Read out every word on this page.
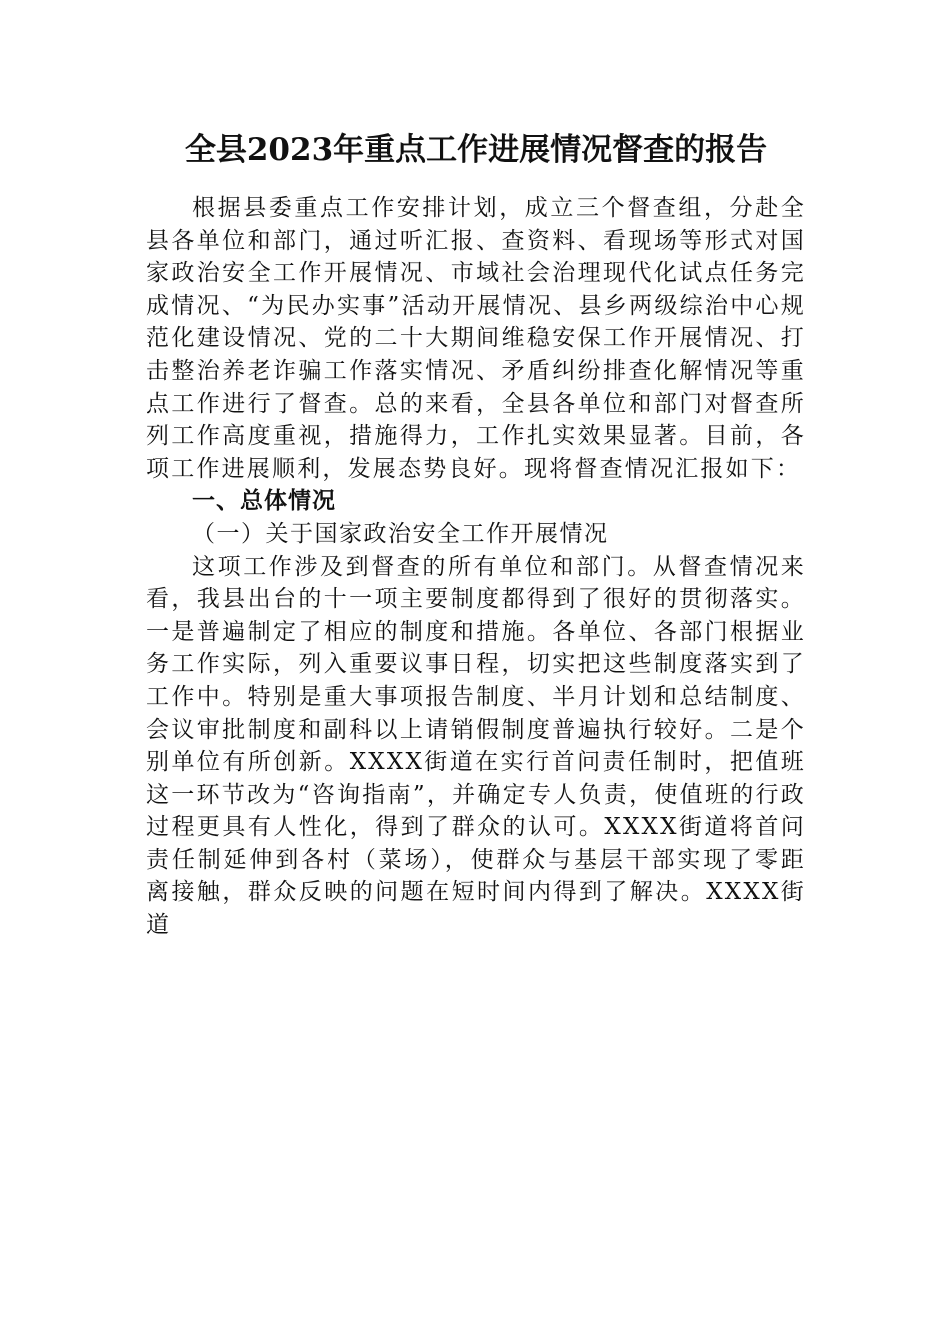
全县2023年重点工作进展情况督查的报告

根据县委重点工作安排计划，成立三个督查组，分赴全县各单位和部门，通过听汇报、查资料、看现场等形式对国家政治安全工作开展情况、市域社会治理现代化试点任务完成情况、“为民办实事”活动开展情况、县乡两级综治中心规范化建设情况、党的二十大期间维稳安保工作开展情况、打击整治养老诈骗工作落实情况、矛盾纠纷排查化解情况等重点工作进行了督查。总的来看，全县各单位和部门对督查所列工作高度重视，措施得力，工作扎实效果显著。目前，各项工作进展顺利，发展态势良好。现将督查情况汇报如下：

一、总体情况

（一）关于国家政治安全工作开展情况

这项工作涉及到督查的所有单位和部门。从督查情况来看，我县出台的十一项主要制度都得到了很好的贯彻落实。一是普遍制定了相应的制度和措施。各单位、各部门根据业务工作实际，列入重要议事日程，切实把这些制度落实到了工作中。特别是重大事项报告制度、半月计划和总结制度、会议审批制度和副科以上请销假制度普遍执行较好。二是个别单位有所创新。XXXX街道在实行首问责任制时，把值班这一环节改为“咨询指南”，并确定专人负责，使值班的行政过程更具有人性化，得到了群众的认可。XXXX街道将首问责任制延伸到各村（菜场），使群众与基层干部实现了零距离接触，群众反映的问题在短时间内得到了解决。XXXX街道
